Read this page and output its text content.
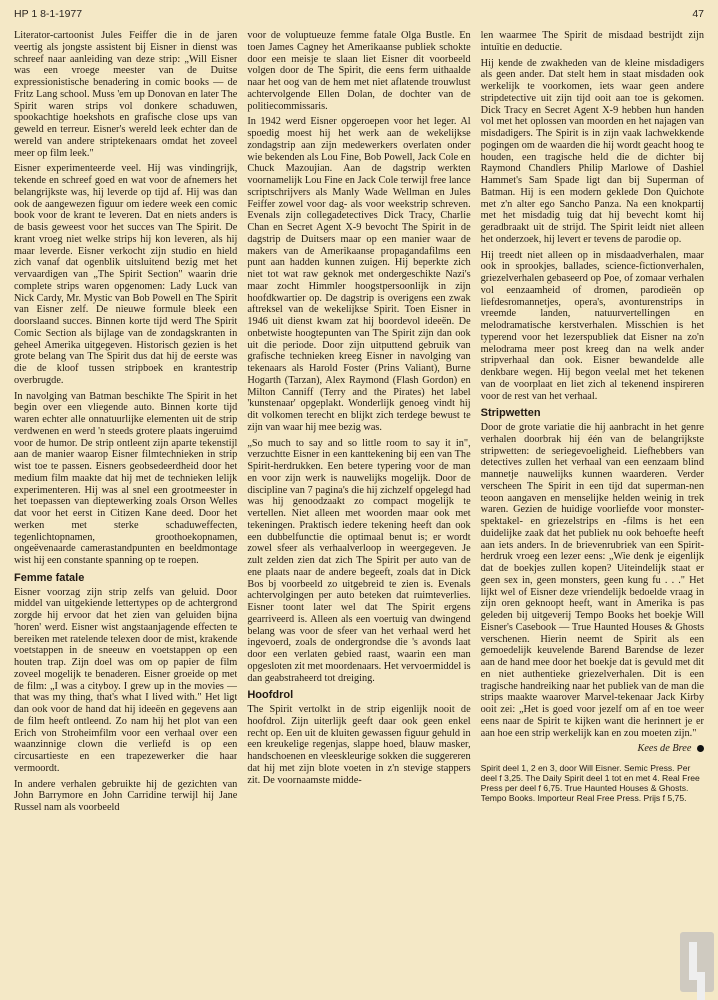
HP 1 8-1-1977	47

Literator-cartoonist Jules Feiffer die in de jaren veertig als jongste assistent bij Eisner in dienst was schreef naar aanleiding van deze strip: „Will Eisner was een vroege meester van de Duitse expressionistische benadering in comic books — de Fritz Lang school. Muss 'em up Donovan en later The Spirit waren strips vol donkere schaduwen, spookachtige hoekshots en grafische close ups van geweld en terreur. Eisner's wereld leek echter dan de wereld van andere striptekenaars omdat het zoveel meer op film leek."

Eisner experimenteerde veel. Hij was vindingrijk, tekende en schreef goed en wat voor de afnemers het belangrijkste was, hij leverde op tijd af. Hij was dan ook de aangewezen figuur om iedere week een comic book voor de krant te leveren. Dat en niets anders is de basis geweest voor het succes van The Spirit. De krant vroeg niet welke strips hij kon leveren, als hij maar leverde. Eisner verkocht zijn studio en hield zich vanaf dat ogenblik uitsluitend bezig met het vervaardigen van „The Spirit Section" waarin drie complete strips waren opgenomen: Lady Luck van Nick Cardy, Mr. Mystic van Bob Powell en The Spirit van Eisner zelf. De nieuwe formule bleek een doorslaand succes. Binnen korte tijd werd The Spirit Comic Section als bijlage van de zondagskranten in geheel Amerika uitgegeven. Historisch gezien is het grote belang van The Spirit dus dat hij de eerste was die de kloof tussen stripboek en krantestrip overbrugde.

In navolging van Batman beschikte The Spirit in het begin over een vliegende auto. Binnen korte tijd waren echter alle onnatuurlijke elementen uit de strip verdwenen en werd 'n steeds grotere plaats ingeruimd voor de humor. De strip ontleent zijn aparte tekenstijl aan de manier waarop Eisner filmtechnieken in strip wist toe te passen. Eisners geobsedeerdheid door het medium film maakte dat hij met de technieken lelijk experimenteren. Hij was al snel een grootmeester in het toepassen van dieptewerking zoals Orson Welles dat voor het eerst in Citizen Kane deed. Door het werken met sterke schaduweffecten, tegenlichtopnamen, groothoekopnamen, ongeëvenaarde camerastandpunten en beeldmontage wist hij een constante spanning op te roepen.

Femme fatale

Eisner voorzag zijn strip zelfs van geluid. Door middel van uitgekiende lettertypes op de achtergrond zorgde hij ervoor dat het zien van geluiden bijna 'horen' werd. Eisner wist angstaanjagende effecten te bereiken met ratelende telexen door de mist, krakende voetstappen in de sneeuw en voetstappen op een houten trap. Zijn doel was om op papier de film zoveel mogelijk te benaderen. Eisner groeide op met de film: „I was a cityboy. I grew up in the movies — that was my thing, that's what I lived with." Het ligt dan ook voor de hand dat hij ideeën en gegevens aan de film heeft ontleend. Zo nam hij het plot van een Erich von Stroheimfilm voor een verhaal over een waanzinnige clown die verliefd is op een circusartieste en een trapezewerker die haar vermoordt.

In andere verhalen gebruikte hij de gezichten van John Barrymore en John Carridine terwijl hij Jane Russel nam als voorbeeld

voor de voluptueuze femme fatale Olga Bustle. En toen James Cagney het Amerikaanse publiek schokte door een meisje te slaan liet Eisner dit voorbeeld volgen door de The Spirit, die eens ferm uithaalde naar het oog van de hem met niet aflatende trouwlust achtervolgende Ellen Dolan, de dochter van de politiecommissaris.

In 1942 werd Eisner opgeroepen voor het leger. Al spoedig moest hij het werk aan de wekelijkse zondagstrip aan zijn medewerkers overlaten onder wie bekenden als Lou Fine, Bob Powell, Jack Cole en Chuck Mazoujian. Aan de dagstrip werkten voornamelijk Lou Fine en Jack Cole terwijl free lance scriptschrijvers als Manly Wade Wellman en Jules Feiffer zowel voor dag- als voor weekstrip schreven. Evenals zijn collegadetectives Dick Tracy, Charlie Chan en Secret Agent X-9 bevocht The Spirit in de dagstrip de Duitsers maar op een manier waar de makers van de Amerikaanse propagandafilms een punt aan hadden kunnen zuigen. Hij beperkte zich niet tot wat raw geknok met ondergeschikte Nazi's maar zocht Himmler hoogstpersoonlijk in zijn hoofdkwartier op. De dagstrip is overigens een zwak aftreksel van de wekelijkse Spirit. Toen Eisner in 1946 uit dienst kwam zat hij boordevol ideeën. De onbetwiste hoogtepunten van The Spirit zijn dan ook uit die periode. Door zijn uitputtend gebruik van grafische technieken kreeg Eisner in navolging van tekenaars als Harold Foster (Prins Valiant), Burne Hogarth (Tarzan), Alex Raymond (Flash Gordon) en Milton Canniff (Terry and the Pirates) het label 'kunstenaar' opgeplakt. Wonderlijk genoeg vindt hij dit volkomen terecht en blijkt zich terdege bewust te zijn van waar hij mee bezig was.

„So much to say and so little room to say it in", verzuchtte Eisner in een kanttekening bij een van The Spirit-herdrukken. Een betere typering voor de man en voor zijn werk is nauwelijks mogelijk. Door de discipline van 7 pagina's die hij zichzelf opgelegd had was hij genoodzaakt zo compact mogelijk te vertellen. Niet alleen met woorden maar ook met tekeningen. Praktisch iedere tekening heeft dan ook een dubbelfunctie die optimaal benut is; er wordt zowel sfeer als verhaalverloop in weergegeven. Je zult zelden zien dat zich The Spirit per auto van de ene plaats naar de andere begeeft, zoals dat in Dick Bos bj voorbeeld zo uitgebreid te zien is. Evenals achtervolgingen per auto beteken dat ruimteverlies. Eisner toont later wel dat The Spirit ergens gearriveerd is. Alleen als een voertuig van dwingend belang was voor de sfeer van het verhaal werd het ingevoerd, zoals de ondergrondse die 's avonds laat door een verlaten gebied raast, waarin een man opgesloten zit met moordenaars. Het vervoermiddel is dan geabstraheerd tot dreiging.

Hoofdrol

The Spirit vertolkt in de strip eigenlijk nooit de hoofdrol. Zijn uiterlijk geeft daar ook geen enkel recht op. Een uit de kluiten gewassen figuur gehuld in een kreukelige regenjas, slappe hoed, blauw masker, handschoenen en vleeskleurige sokken die suggereren dat hij met zijn blote voeten in z'n stevige stappers zit. De voornaamste midde-

len waarmee The Spirit de misdaad bestrijdt zijn intuïtie en deductie.

Hij kende de zwakheden van de kleine misdadigers als geen ander. Dat stelt hem in staat misdaden ook werkelijk te voorkomen, iets waar geen andere stripdetective uit zijn tijd ooit aan toe is gekomen. Dick Tracy en Secret Agent X-9 hebben hun handen vol met het oplossen van moorden en het najagen van misdadigers. The Spirit is in zijn vaak lachwekkende pogingen om de waarden die hij wordt geacht hoog te houden, een tragische held die de dichter bij Raymond Chandlers Philip Marlowe of Dashiel Hammet's Sam Spade ligt dan bij Superman of Batman. Hij is een modern geklede Don Quichote met z'n alter ego Sancho Panza. Na een knokpartij met het misdadig tuig dat hij bevecht komt hij geradbraakt uit de strijd. The Spirit leidt niet alleen het onderzoek, hij levert er tevens de parodie op.

Hij treedt niet alleen op in misdaadverhalen, maar ook in sprookjes, ballades, science-fictionverhalen, griezelverhalen gebaseerd op Poe, of zomaar verhalen vol eenzaamheid of dromen, parodieën op liefdesromannetjes, opera's, avonturenstrips in vreemde landen, natuurvertellingen en melodramatische kerstverhalen. Misschien is het typerend voor het lezerspubliek dat Eisner na zo'n melodrama meer post kreeg dan na welk ander stripverhaal dan ook. Eisner bewandelde alle denkbare wegen. Hij begon veelal met het tekenen van de voorplaat en liet zich al tekenend inspireren voor de rest van het verhaal.

Stripwetten

Door de grote variatie die hij aanbracht in het genre verhalen doorbrak hij één van de belangrijkste stripwetten: de seriegevoeligheid. Liefhebbers van detectives zullen het verhaal van een eenzaam blind mannetje nauwelijks kunnen waarderen. Verder verscheen The Spirit in een tijd dat superman-nen teoon aangaven en menselijke helden weinig in trek waren. Gezien de huidige voorliefde voor monster- spektakel- en griezelstrips en -films is het een duidelijke zaak dat het publiek nu ook behoefte heeft aan iets anders. In de brievenrubriek van een Spirit-herdruk vroeg een lezer eens: „Wie denk je eigenlijk dat de boekjes zullen kopen? Uiteindelijk staat er geen sex in, geen monsters, geen kung fu . . ." Het lijkt wel of Eisner deze vriendelijk bedoelde vraag in zijn oren geknoopt heeft, want in Amerika is pas geleden bij uitgeverij Tempo Books het boekje Will Eisner's Casebook — True Haunted Houses & Ghosts verschenen. Hierin neemt de Spirit als een gemoedelijk keuvelende Barend Barendse de lezer aan de hand mee door het boekje dat is gevuld met dit en niet authentieke griezelverhalen. Dit is een tragische handreiking naar het publiek van de man die strips maakte waarover Marvel-tekenaar Jack Kirby ooit zei: „Het is goed voor jezelf om af en toe weer eens naar de Spirit te kijken want die herinnert je er aan hoe een strip werkelijk kan en zou moeten zijn."

Kees de Bree
Spirit deel 1, 2 en 3, door Will Eisner. Semic Press. Per deel f 3,25. The Daily Spirit deel 1 tot en met 4. Real Free Press per deel f 6,75. True Haunted Houses & Ghosts. Tempo Books. Importeur Real Free Press. Prijs f 5,75.
